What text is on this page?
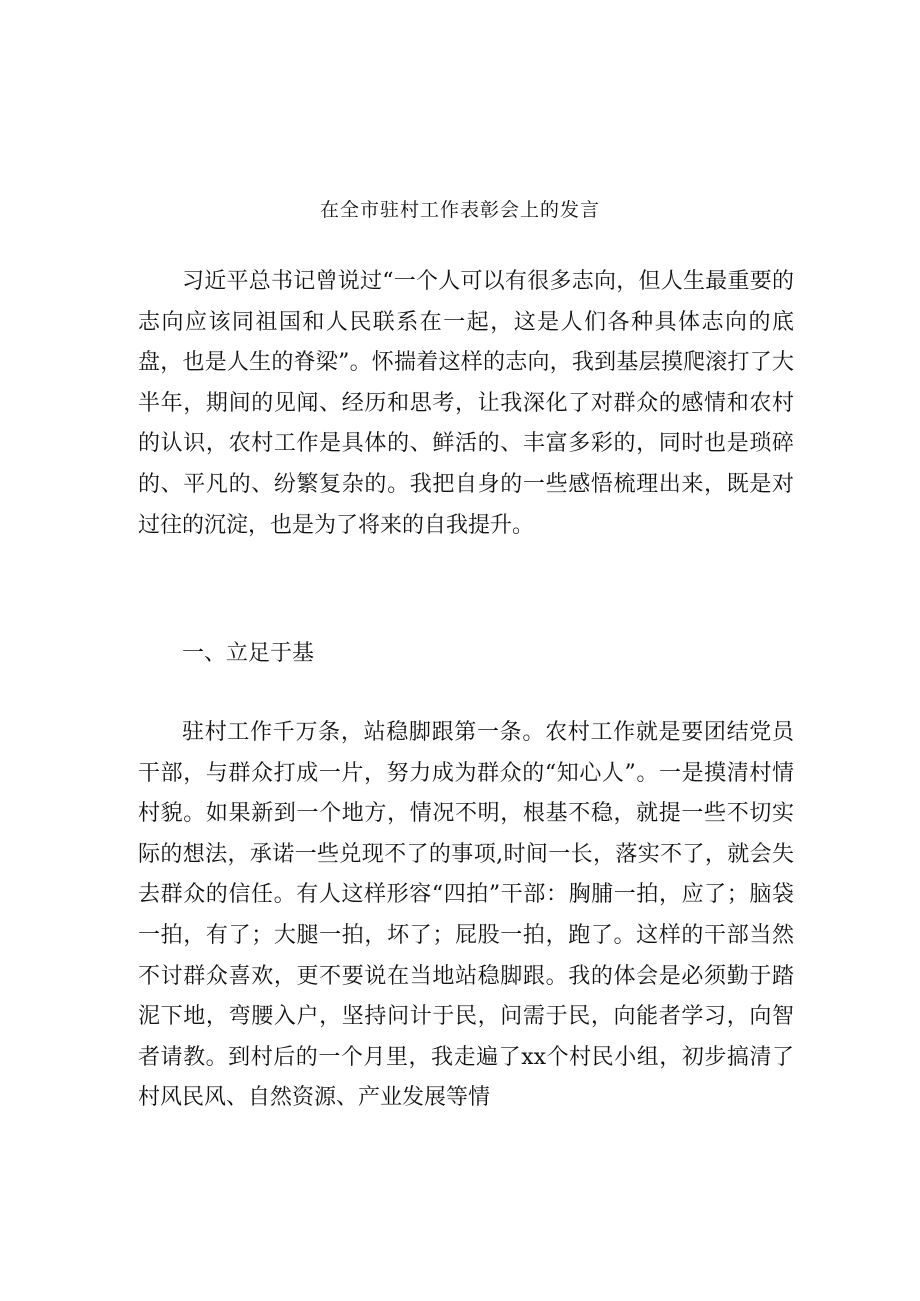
在全市驻村工作表彰会上的发言

习近平总书记曾说过“一个人可以有很多志向，但人生最重要的志向应该同祖国和人民联系在一起，这是人们各种具体志向的底盘，也是人生的脊梁”。怀揣着这样的志向，我到基层摸爬滚打了大半年，期间的见闻、经历和思考，让我深化了对群众的感情和农村的认识，农村工作是具体的、鲜活的、丰富多彩的，同时也是琐碎的、平凡的、纷繁复杂的。我把自身的一些感悟梳理出来，既是对过往的沉淀，也是为了将来的自我提升。

一、立足于基

驻村工作千万条，站稳脚跟第一条。农村工作就是要团结党员干部，与群众打成一片，努力成为群众的“知心人”。一是摸清村情村貌。如果新到一个地方，情况不明，根基不稳，就提一些不切实际的想法，承诺一些兑现不了的事项,时间一长，落实不了，就会失去群众的信任。有人这样形容“四拍”干部：胸脯一拍，应了；脑袋一拍，有了；大腿一拍，坏了；屁股一拍，跑了。这样的干部当然不讨群众喜欢，更不要说在当地站稳脚跟。我的体会是必须勤于踏泥下地，弯腰入户，坚持问计于民，问需于民，向能者学习，向智者请教。到村后的一个月里，我走遍了xx个村民小组，初步搞清了村风民风、自然资源、产业发展等情
